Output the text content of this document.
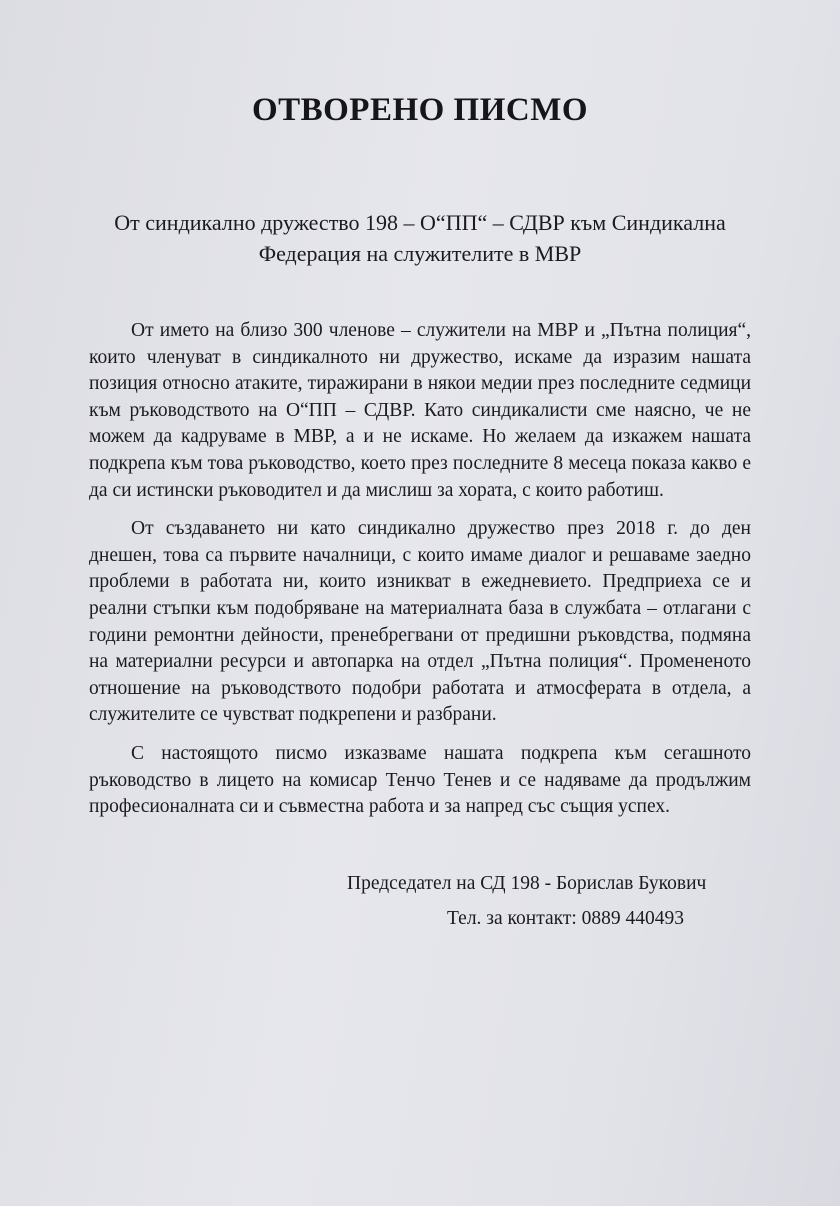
ОТВОРЕНО ПИСМО
От синдикално дружество 198 – О“ПП“ – СДВР към Синдикална Федерация на служителите в МВР

От името на близо 300 членове – служители на МВР и „Пътна полиция“, които членуват в синдикалното ни дружество, искаме да изразим нашата позиция относно атаките, тиражирани в някои медии през последните седмици към ръководството на О“ПП – СДВР. Като синдикалисти сме наясно, че не можем да кадруваме в МВР, а и не искаме. Но желаем да изкажем нашата подкрепа към това ръководство, което през последните 8 месеца показа какво е да си истински ръководител и да мислиш за хората, с които работиш.

От създаването ни като синдикално дружество през 2018 г. до ден днешен, това са първите началници, с които имаме диалог и решаваме заедно проблеми в работата ни, които изникват в ежедневието. Предприеха се и реални стъпки към подобряване на материалната база в службата – отлагани с години ремонтни дейности, пренебрегвани от предишни ръковдства, подмяна на материални ресурси и автопарка на отдел „Пътна полиция“. Промененото отношение на ръководството подобри работата и атмосферата в отдела, а служителите се чувстват подкрепени и разбрани.

С настоящото писмо изказваме нашата подкрепа към сегашното ръководство в лицето на комисар Тенчо Тенев и се надяваме да продължим професионалната си и съвместна работа и за напред със същия успех.

Председател на СД 198 - Борислав Букович
Тел. за контакт: 0889 440493
